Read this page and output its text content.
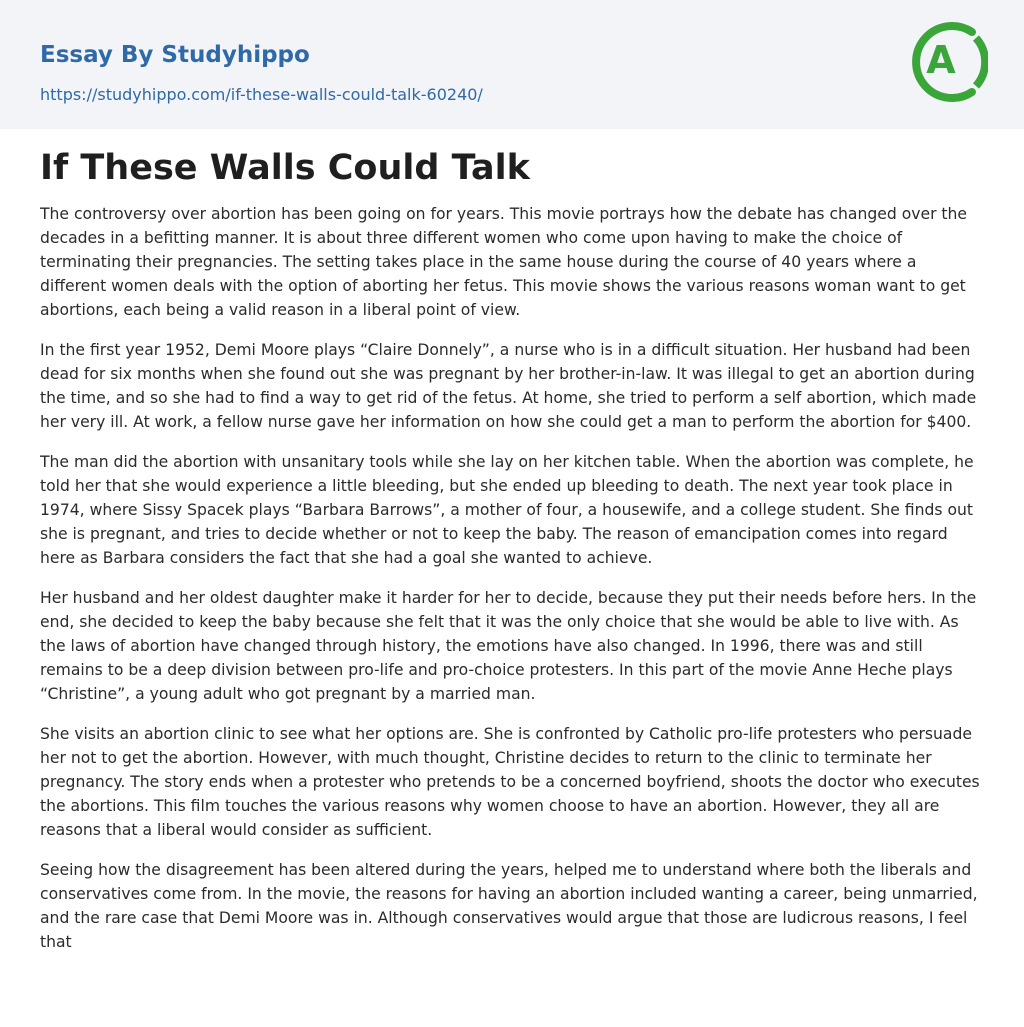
Essay By Studyhippo
https://studyhippo.com/if-these-walls-could-talk-60240/
A
If These Walls Could Talk

The controversy over abortion has been going on for years. This movie portrays how the debate has changed over the decades in a befitting manner. It is about three different women who come upon having to make the choice of terminating their pregnancies. The setting takes place in the same house during the course of 40 years where a different women deals with the option of aborting her fetus. This movie shows the various reasons woman want to get abortions, each being a valid reason in a liberal point of view.

In the first year 1952, Demi Moore plays “Claire Donnely”, a nurse who is in a difficult situation. Her husband had been dead for six months when she found out she was pregnant by her brother-in-law. It was illegal to get an abortion during the time, and so she had to find a way to get rid of the fetus. At home, she tried to perform a self abortion, which made her very ill. At work, a fellow nurse gave her information on how she could get a man to perform the abortion for $400.

The man did the abortion with unsanitary tools while she lay on her kitchen table. When the abortion was complete, he told her that she would experience a little bleeding, but she ended up bleeding to death. The next year took place in 1974, where Sissy Spacek plays “Barbara Barrows”, a mother of four, a housewife, and a college student. She finds out she is pregnant, and tries to decide whether or not to keep the baby. The reason of emancipation comes into regard here as Barbara considers the fact that she had a goal she wanted to achieve.

Her husband and her oldest daughter make it harder for her to decide, because they put their needs before hers. In the end, she decided to keep the baby because she felt that it was the only choice that she would be able to live with. As the laws of abortion have changed through history, the emotions have also changed. In 1996, there was and still remains to be a deep division between pro-life and pro-choice protesters. In this part of the movie Anne Heche plays “Christine”, a young adult who got pregnant by a married man.

She visits an abortion clinic to see what her options are. She is confronted by Catholic pro-life protesters who persuade her not to get the abortion. However, with much thought, Christine decides to return to the clinic to terminate her pregnancy. The story ends when a protester who pretends to be a concerned boyfriend, shoots the doctor who executes the abortions. This film touches the various reasons why women choose to have an abortion. However, they all are reasons that a liberal would consider as sufficient.

Seeing how the disagreement has been altered during the years, helped me to understand where both the liberals and conservatives come from. In the movie, the reasons for having an abortion included wanting a career, being unmarried, and the rare case that Demi Moore was in. Although conservatives would argue that those are ludicrous reasons, I feel that
